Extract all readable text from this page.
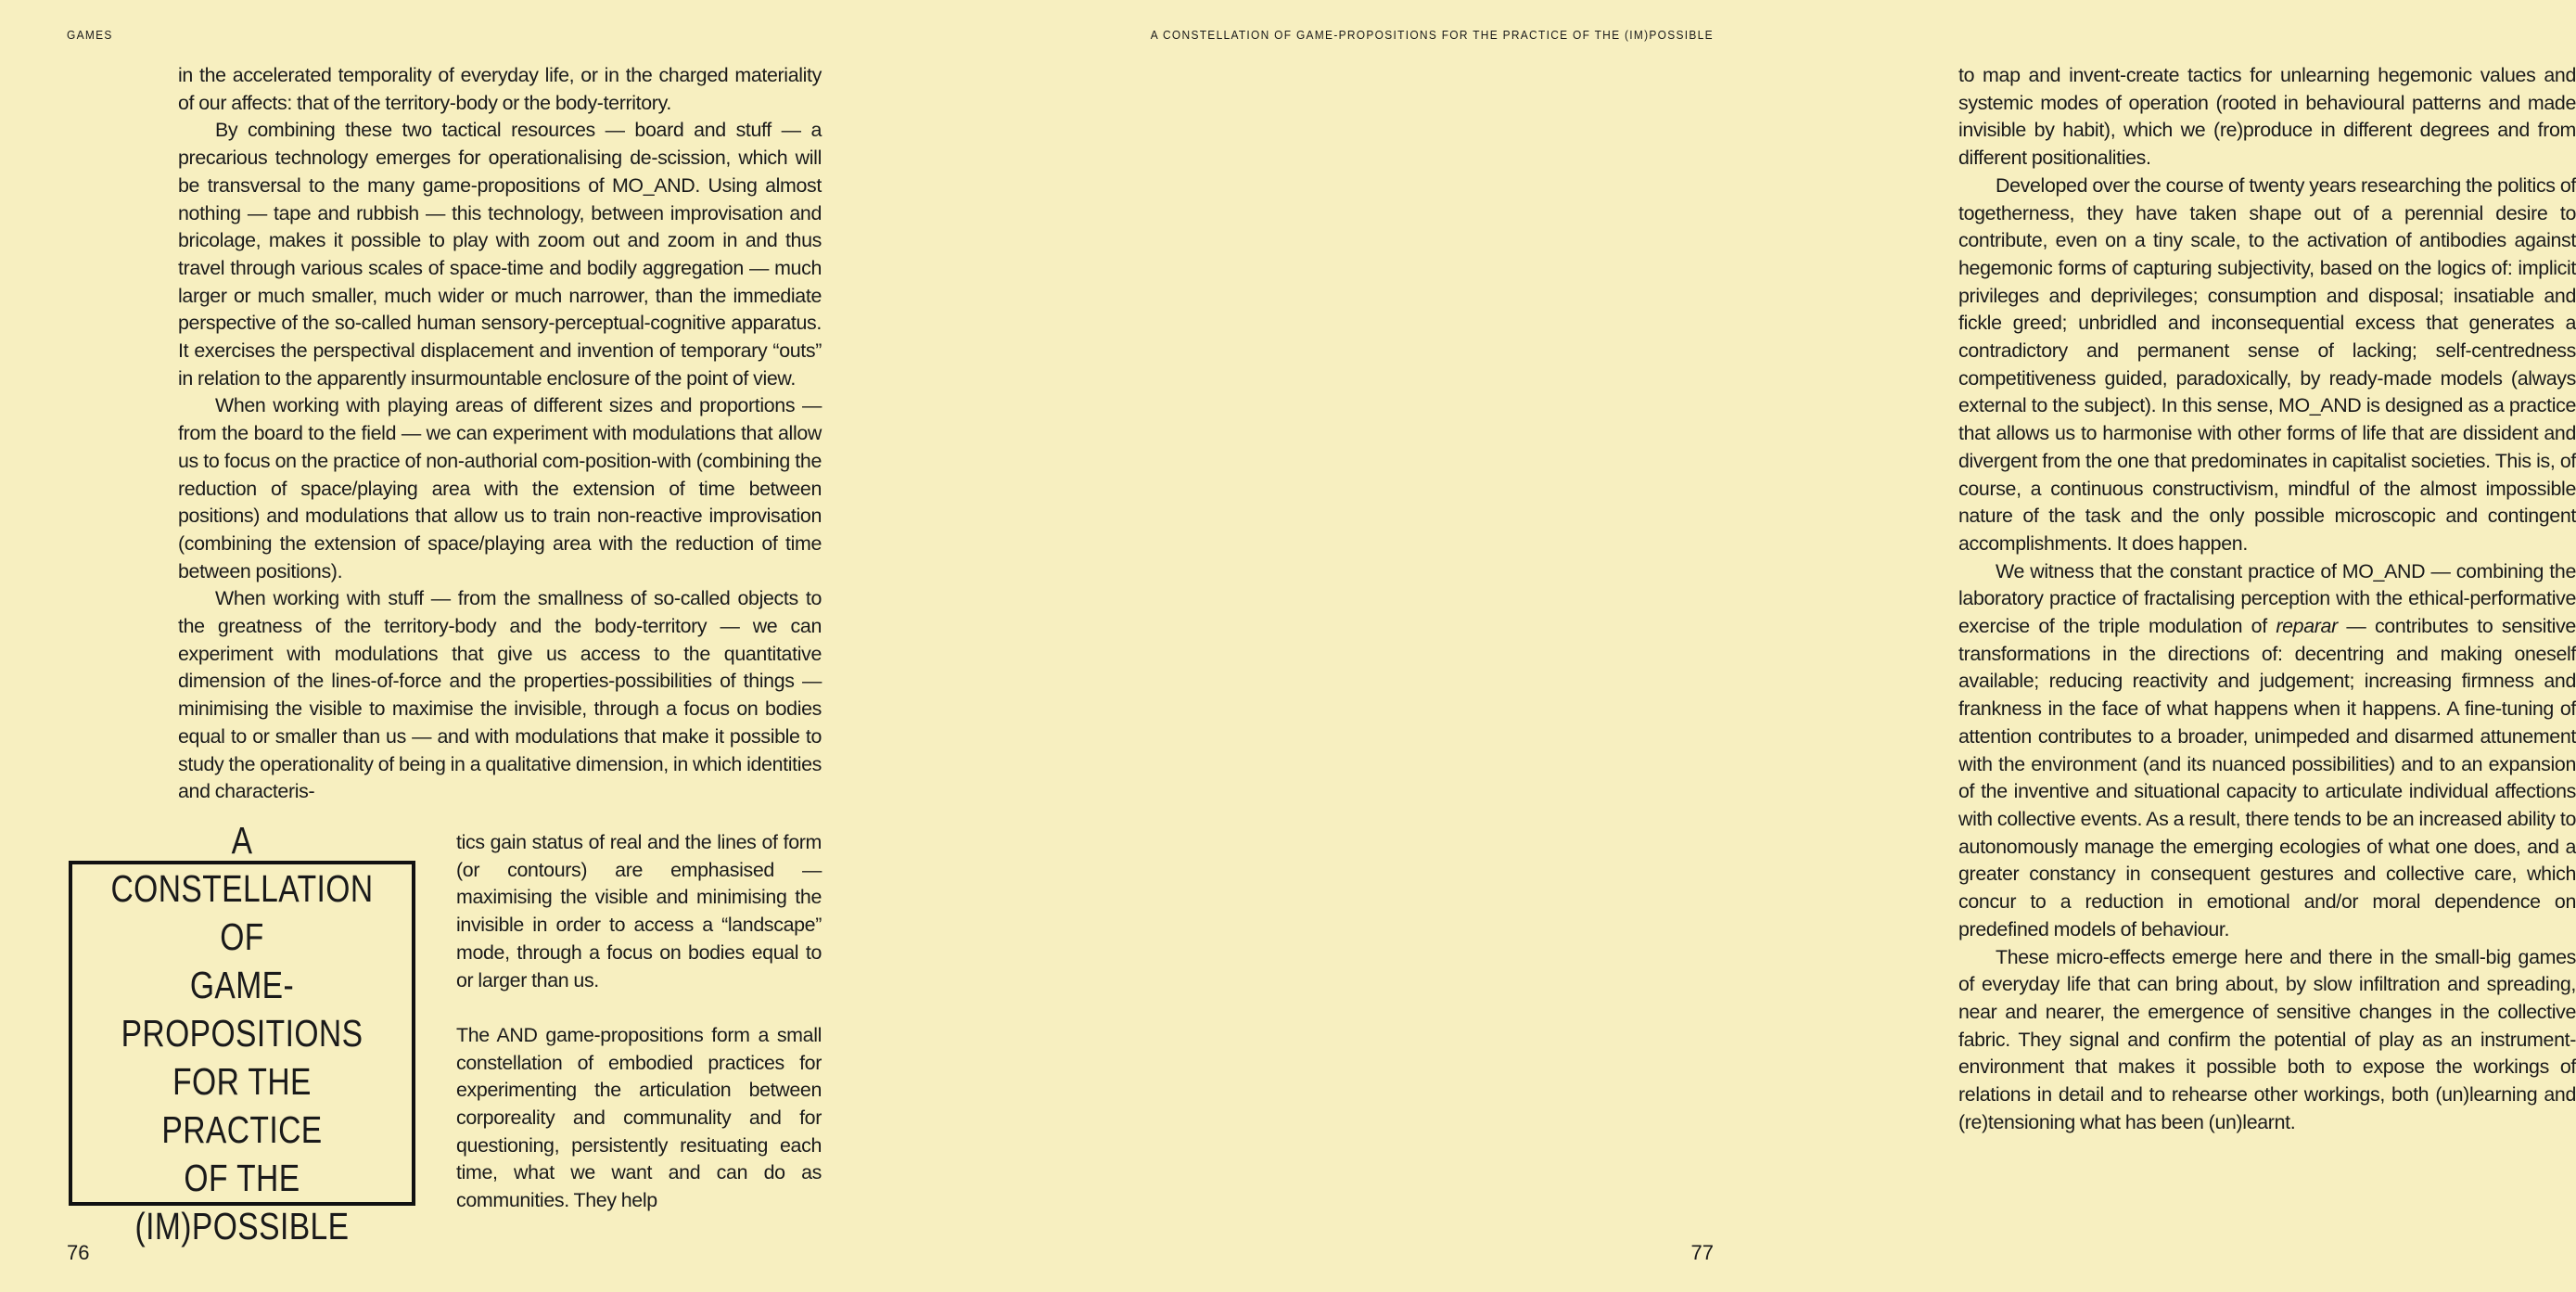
GAMES

in the accelerated temporality of everyday life, or in the charged materiality of our affects: that of the territory-body or the body-territory.

By combining these two tactical resources — board and stuff — a precarious technology emerges for operationalising de-scission, which will be transversal to the many game-propositions of MO_AND. Using almost nothing — tape and rubbish — this technology, between improvisation and bricolage, makes it possible to play with zoom out and zoom in and thus travel through various scales of space-time and bodily aggregation — much larger or much smaller, much wider or much narrower, than the immediate perspective of the so-called human sensory-perceptual-cognitive apparatus. It exercises the perspectival displacement and invention of temporary “outs” in relation to the apparently insurmountable enclosure of the point of view.

When working with playing areas of different sizes and proportions — from the board to the field — we can experiment with modulations that allow us to focus on the practice of non-authorial com-position-with (combining the reduction of space/playing area with the extension of time between positions) and modulations that allow us to train non-reactive improvisation (combining the extension of space/playing area with the reduction of time between positions).

When working with stuff — from the smallness of so-called objects to the greatness of the territory-body and the body-territory — we can experiment with modulations that give us access to the quantitative dimension of the lines-of-force and the properties-possibilities of things — minimising the visible to maximise the invisible, through a focus on bodies equal to or smaller than us — and with modulations that make it possible to study the operationality of being in a qualitative dimension, in which identities and characteris-

A CONSTELLATION OF
GAME-PROPOSITIONS
FOR THE PRACTICE
OF THE (IM)POSSIBLE

tics gain status of real and the lines of form (or contours) are emphasised — maximising the visible and minimising the invisible in order to access a “landscape” mode, through a focus on bodies equal to or larger than us.

The AND game-propositions form a small constellation of embodied practices for experimenting the articulation between corporeality and communality and for questioning, persistently resituating each time, what we want and can do as communities. They help

76
A CONSTELLATION OF GAME-PROPOSITIONS FOR THE PRACTICE OF THE (IM)POSSIBLE

to map and invent-create tactics for unlearning hegemonic values and systemic modes of operation (rooted in behavioural patterns and made invisible by habit), which we (re)produce in different degrees and from different positionalities.

Developed over the course of twenty years researching the politics of togetherness, they have taken shape out of a perennial desire to contribute, even on a tiny scale, to the activation of antibodies against hegemonic forms of capturing subjectivity, based on the logics of: implicit privileges and deprivileges; consumption and disposal; insatiable and fickle greed; unbridled and inconsequential excess that generates a contradictory and permanent sense of lacking; self-centredness competitiveness guided, paradoxically, by ready-made models (always external to the subject). In this sense, MO_AND is designed as a practice that allows us to harmonise with other forms of life that are dissident and divergent from the one that predominates in capitalist societies. This is, of course, a continuous constructivism, mindful of the almost impossible nature of the task and the only possible microscopic and contingent accomplishments. It does happen.

We witness that the constant practice of MO_AND — combining the laboratory practice of fractalising perception with the ethical-performative exercise of the triple modulation of reparar — contributes to sensitive transformations in the directions of: decentring and making oneself available; reducing reactivity and judgement; increasing firmness and frankness in the face of what happens when it happens. A fine-tuning of attention contributes to a broader, unimpeded and disarmed attunement with the environment (and its nuanced possibilities) and to an expansion of the inventive and situational capacity to articulate individual affections with collective events. As a result, there tends to be an increased ability to autonomously manage the emerging ecologies of what one does, and a greater constancy in consequent gestures and collective care, which concur to a reduction in emotional and/or moral dependence on predefined models of behaviour.

These micro-effects emerge here and there in the small-big games of everyday life that can bring about, by slow infiltration and spreading, near and nearer, the emergence of sensitive changes in the collective fabric. They signal and confirm the potential of play as an instrument-environment that makes it possible both to expose the workings of relations in detail and to rehearse other workings, both (un)learning and (re)tensioning what has been (un)learnt.

77
